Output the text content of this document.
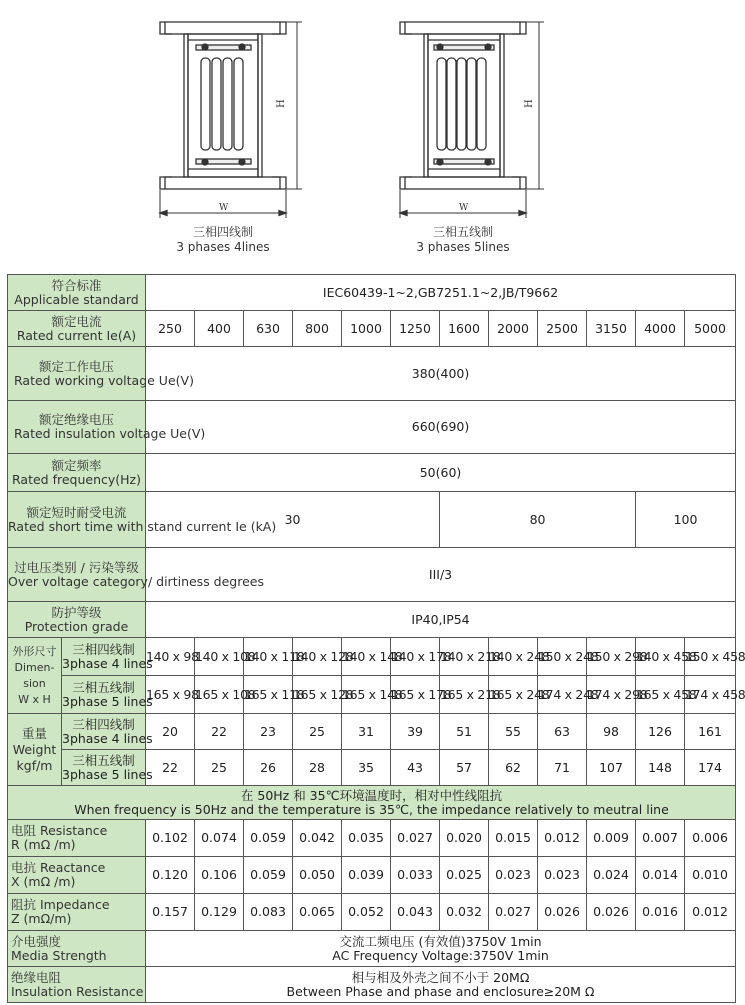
H
W
H
W
三相四线制
3 phases 4lines
三相五线制
3 phases 5lines
符合标准
Applicable standard		IEC60439-1~2,GB7251.1~2,JB/T9662											

额定电流
Rated current Ie(A)		250	400	630	800	1000	1250	1600	2000	2500	3150	4000	5000

额定工作电压
Rated working voltage Ue(V)		380(400)											

额定绝缘电压
Rated insulation voltage Ue(V)		660(690)											

额定频率
Rated frequency(Hz)		50(60)											

额定短时耐受电流
Rated short time with stand current Ie (kA)		30						80				100	

过电压类别 / 污染等级
Over voltage category/ dirtiness degrees		III/3											

防护等级
Protection grade		IP40,IP54											

外形尺寸
Dimen-
sion
W x H	三相四线制
3phase 4 lines	140 x 98	140 x 108	140 x 118	140 x 128	140 x 148	140 x 178	140 x 218	140 x 248	150 x 248	150 x 298	140 x 458	150 x 458

	三相五线制
3phase 5 lines	165 x 98	165 x 108	165 x 118	165 x 128	165 x 148	165 x 178	165 x 218	165 x 248	174 x 248	174 x 298	165 x 458	174 x 458

重量
Weight
kgf/m	三相四线制
3phase 4 lines	20	22	23	25	31	39	51	55	63	98	126	161

	三相五线制
3phase 5 lines	22	25	26	28	35	43	57	62	71	107	148	174

在 50Hz 和 35℃环境温度时，相对中性线阻抗
When frequency is 50Hz and the temperature is 35℃, the impedance relatively to meutral line													

电阻 Resistance
R (mΩ /m)		0.102	0.074	0.059	0.042	0.035	0.027	0.020	0.015	0.012	0.009	0.007	0.006

电抗 Reactance
X (mΩ /m)		0.120	0.106	0.059	0.050	0.039	0.033	0.025	0.023	0.023	0.024	0.014	0.010

阻抗 Impedance
Z (mΩ/m)		0.157	0.129	0.083	0.065	0.052	0.043	0.032	0.027	0.026	0.026	0.016	0.012

介电强度
Media Strength		交流工频电压 (有效值)3750V 1min
AC Frequency Voltage:3750V 1min											

绝缘电阻
Insulation Resistance		相与相及外壳之间不小于 20MΩ
Between Phase and phase and enclosure≥20M Ω											
